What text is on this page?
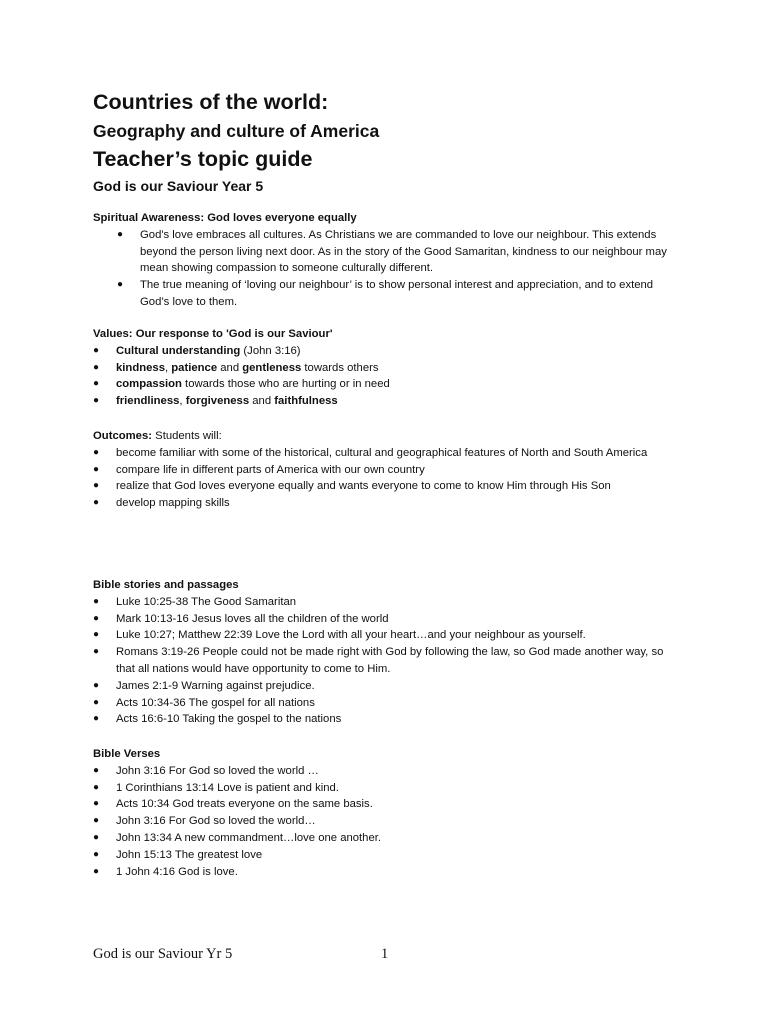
Countries of the world:
Geography and culture of America
Teacher’s topic guide
God is our Saviour Year 5

Spiritual Awareness: God loves everyone equally

● God's love embraces all cultures. As Christians we are commanded to love our neighbour. This extends beyond the person living next door. As in the story of the Good Samaritan, kindness to our neighbour may mean showing compassion to someone culturally different.
● The true meaning of ‘loving our neighbour’ is to show personal interest and appreciation, and to extend God’s love to them.

Values: Our response to 'God is our Saviour'

● Cultural understanding (John 3:16)
● kindness, patience and gentleness towards others
● compassion towards those who are hurting or in need
● friendliness, forgiveness and faithfulness

Outcomes: Students will:

● become familiar with some of the historical, cultural and geographical features of North and South America
● compare life in different parts of America with our own country
● realize that God loves everyone equally and wants everyone to come to know Him through His Son
● develop mapping skills

Bible stories and passages

● Luke 10:25-38 The Good Samaritan
● Mark 10:13-16 Jesus loves all the children of the world
● Luke 10:27; Matthew 22:39 Love the Lord with all your heart…and your neighbour as yourself.
● Romans 3:19-26 People could not be made right with God by following the law, so God made another way, so that all nations would have opportunity to come to Him.
● James 2:1-9 Warning against prejudice.
● Acts 10:34-36 The gospel for all nations
● Acts 16:6-10 Taking the gospel to the nations

Bible Verses

● John 3:16 For God so loved the world …
● 1 Corinthians 13:14 Love is patient and kind.
● Acts 10:34 God treats everyone on the same basis.
● John 3:16 For God so loved the world…
● John 13:34 A new commandment…love one another.
● John 15:13 The greatest love
● 1 John 4:16 God is love.
God is our Saviour Yr 5	1
